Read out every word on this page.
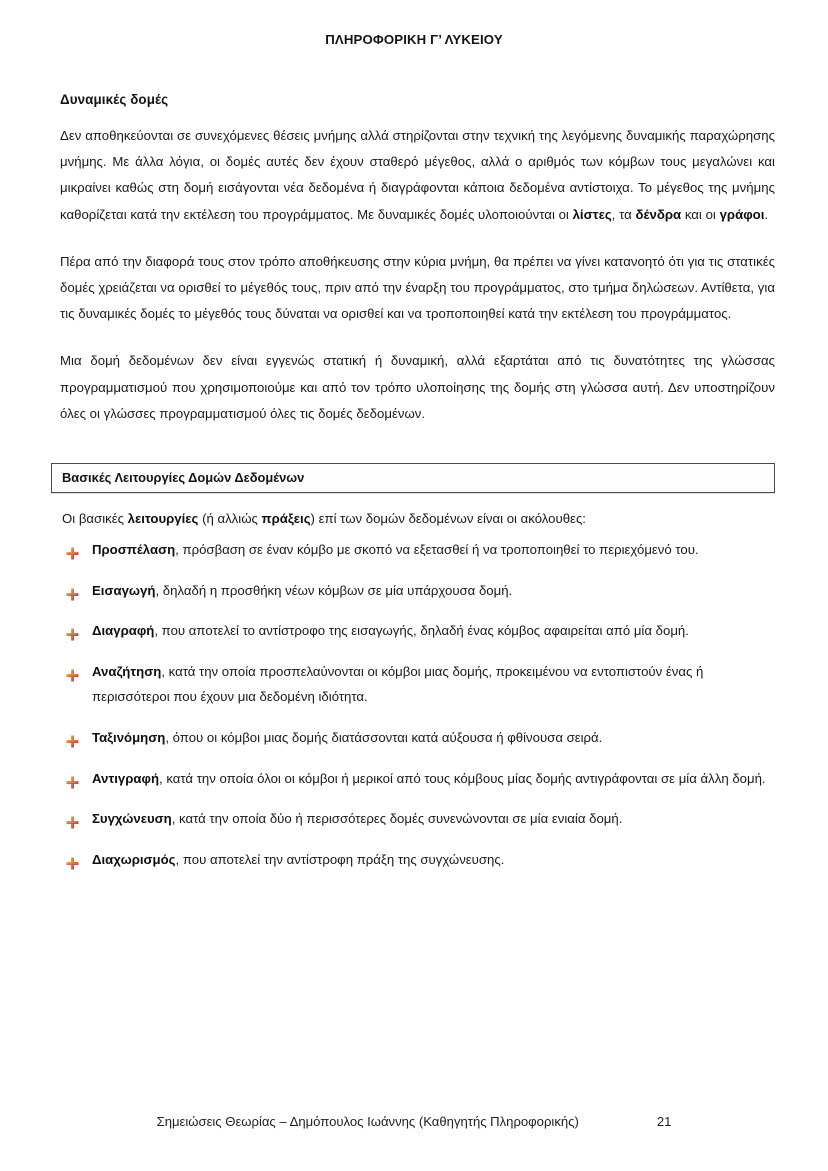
ΠΛΗΡΟΦΟΡΙΚΗ Γ’ ΛΥΚΕΙΟΥ
Δυναμικές δομές

Δεν αποθηκεύονται σε συνεχόμενες θέσεις μνήμης αλλά στηρίζονται στην τεχνική της λεγόμενης δυναμικής παραχώρησης μνήμης. Με άλλα λόγια, οι δομές αυτές δεν έχουν σταθερό μέγεθος, αλλά ο αριθμός των κόμβων τους μεγαλώνει και μικραίνει καθώς στη δομή εισάγονται νέα δεδομένα ή διαγράφονται κάποια δεδομένα αντίστοιχα. Το μέγεθος της μνήμης καθορίζεται κατά την εκτέλεση του προγράμματος. Με δυναμικές δομές υλοποιούνται οι λίστες, τα δένδρα και οι γράφοι.

Πέρα από την διαφορά τους στον τρόπο αποθήκευσης στην κύρια μνήμη, θα πρέπει να γίνει κατανοητό ότι για τις στατικές δομές χρειάζεται να ορισθεί το μέγεθός τους, πριν από την έναρξη του προγράμματος, στο τμήμα δηλώσεων. Αντίθετα, για τις δυναμικές δομές το μέγεθός τους δύναται να ορισθεί και να τροποποιηθεί κατά την εκτέλεση του προγράμματος.

Μια δομή δεδομένων δεν είναι εγγενώς στατική ή δυναμική, αλλά εξαρτάται από τις δυνατότητες της γλώσσας προγραμματισμού που χρησιμοποιούμε και από τον τρόπο υλοποίησης της δομής στη γλώσσα αυτή. Δεν υποστηρίζουν όλες οι γλώσσες προγραμματισμού όλες τις δομές δεδομένων.

Βασικές Λειτουργίες Δομών Δεδομένων
Οι βασικές λειτουργίες (ή αλλιώς πράξεις) επί των δομών δεδομένων είναι οι ακόλουθες:
Προσπέλαση, πρόσβαση σε έναν κόμβο με σκοπό να εξετασθεί ή να τροποποιηθεί το περιεχόμενό του.
Εισαγωγή, δηλαδή η προσθήκη νέων κόμβων σε μία υπάρχουσα δομή.
Διαγραφή, που αποτελεί το αντίστροφο της εισαγωγής, δηλαδή ένας κόμβος αφαιρείται από μία δομή.
Αναζήτηση, κατά την οποία προσπελαύνονται οι κόμβοι μιας δομής, προκειμένου να εντοπιστούν ένας ή περισσότεροι που έχουν μια δεδομένη ιδιότητα.
Ταξινόμηση, όπου οι κόμβοι μιας δομής διατάσσονται κατά αύξουσα ή φθίνουσα σειρά.
Αντιγραφή, κατά την οποία όλοι οι κόμβοι ή μερικοί από τους κόμβους μίας δομής αντιγράφονται σε μία άλλη δομή.
Συγχώνευση, κατά την οποία δύο ή περισσότερες δομές συνενώνονται σε μία ενιαία δομή.
Διαχωρισμός, που αποτελεί την αντίστροφη πράξη της συγχώνευσης.
Σημειώσεις Θεωρίας – Δημόπουλος Ιωάννης (Καθηγητής Πληροφορικής)	21
